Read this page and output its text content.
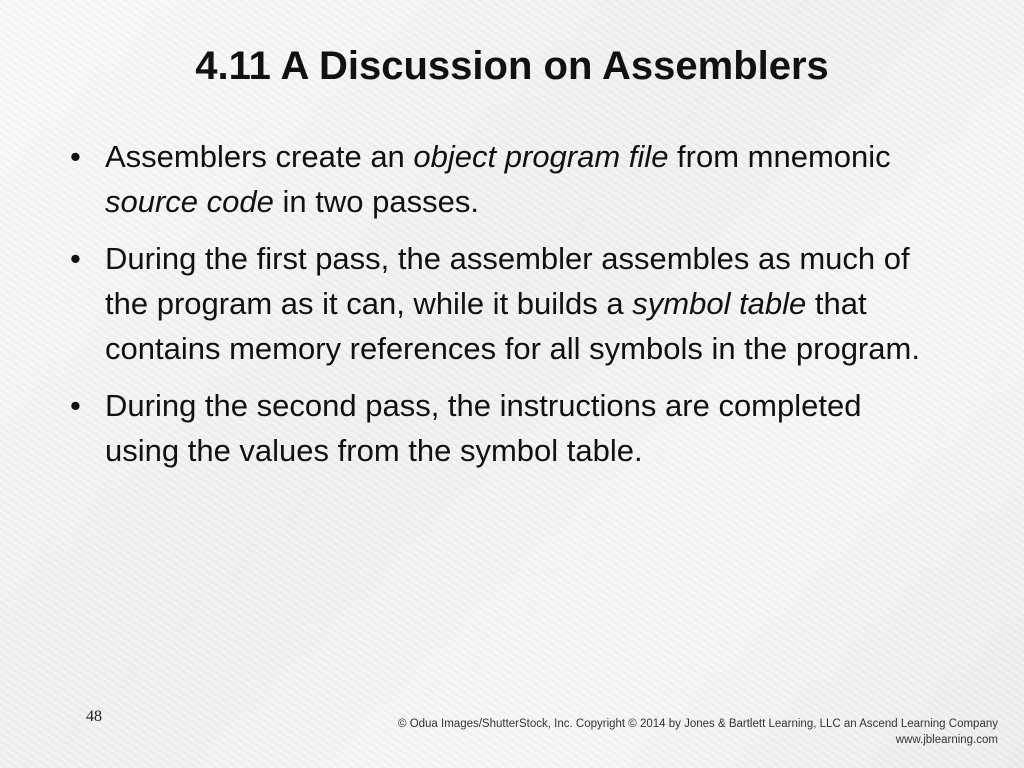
4.11 A Discussion on Assemblers
• Assemblers create an object program file from mnemonic source code in two passes.
• During the first pass, the assembler assembles as much of the program as it can, while it builds a symbol table that contains memory references for all symbols in the program.
• During the second pass, the instructions are completed using the values from the symbol table.
48	© Odua Images/ShutterStock, Inc. Copyright © 2014 by Jones & Bartlett Learning, LLC an Ascend Learning Company
www.jblearning.com
